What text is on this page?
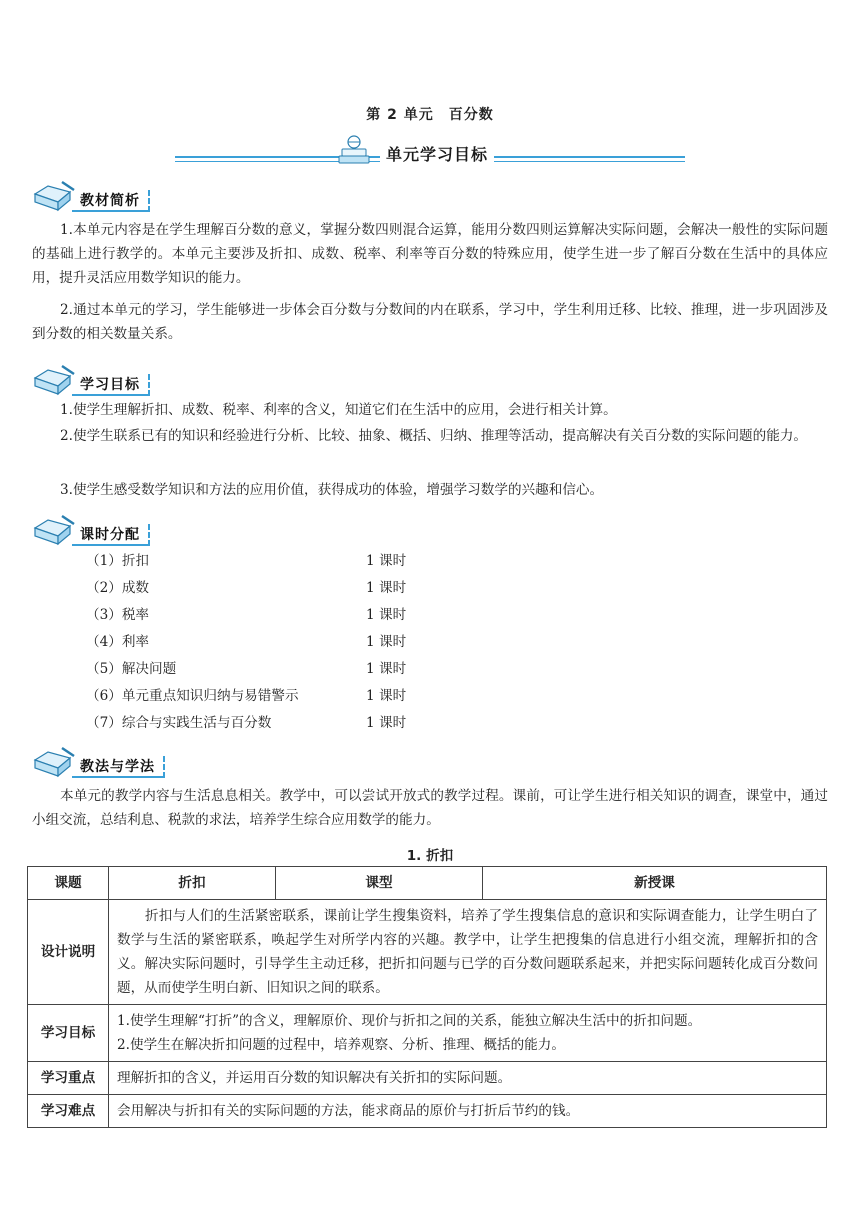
第 2 单元　百分数
单元学习目标
教材简析
1.本单元内容是在学生理解百分数的意义，掌握分数四则混合运算，能用分数四则运算解决实际问题，会解决一般性的实际问题的基础上进行教学的。本单元主要涉及折扣、成数、税率、利率等百分数的特殊应用，使学生进一步了解百分数在生活中的具体应用，提升灵活应用数学知识的能力。
2.通过本单元的学习，学生能够进一步体会百分数与分数间的内在联系，学习中，学生利用迁移、比较、推理，进一步巩固涉及到分数的相关数量关系。
学习目标
1.使学生理解折扣、成数、税率、利率的含义，知道它们在生活中的应用，会进行相关计算。
2.使学生联系已有的知识和经验进行分析、比较、抽象、概括、归纳、推理等活动，提高解决有关百分数的实际问题的能力。
3.使学生感受数学知识和方法的应用价值，获得成功的体验，增强学习数学的兴趣和信心。
课时分配
（1）折扣	1 课时
（2）成数	1 课时
（3）税率	1 课时
（4）利率	1 课时
（5）解决问题	1 课时
（6）单元重点知识归纳与易错警示	1 课时
（7）综合与实践生活与百分数	1 课时
教法与学法
本单元的教学内容与生活息息相关。教学中，可以尝试开放式的教学过程。课前，可让学生进行相关知识的调查，课堂中，通过小组交流，总结利息、税款的求法，培养学生综合应用数学的能力。
1. 折扣
课题	折扣	课型	新授课
设计说明	折扣与人们的生活紧密联系，课前让学生搜集资料，培养了学生搜集信息的意识和实际调查能力，让学生明白了数学与生活的紧密联系，唤起学生对所学内容的兴趣。教学中，让学生把搜集的信息进行小组交流，理解折扣的含义。解决实际问题时，引导学生主动迁移，把折扣问题与已学的百分数问题联系起来，并把实际问题转化成百分数问题，从而使学生明白新、旧知识之间的联系。		
学习目标	1.使学生理解“打折”的含义，理解原价、现价与折扣之间的关系，能独立解决生活中的折扣问题。
2.使学生在解决折扣问题的过程中，培养观察、分析、推理、概括的能力。		

学习重点	理解折扣的含义，并运用百分数的知识解决有关折扣的实际问题。		
学习难点	会用解决与折扣有关的实际问题的方法，能求商品的原价与打折后节约的钱。		
